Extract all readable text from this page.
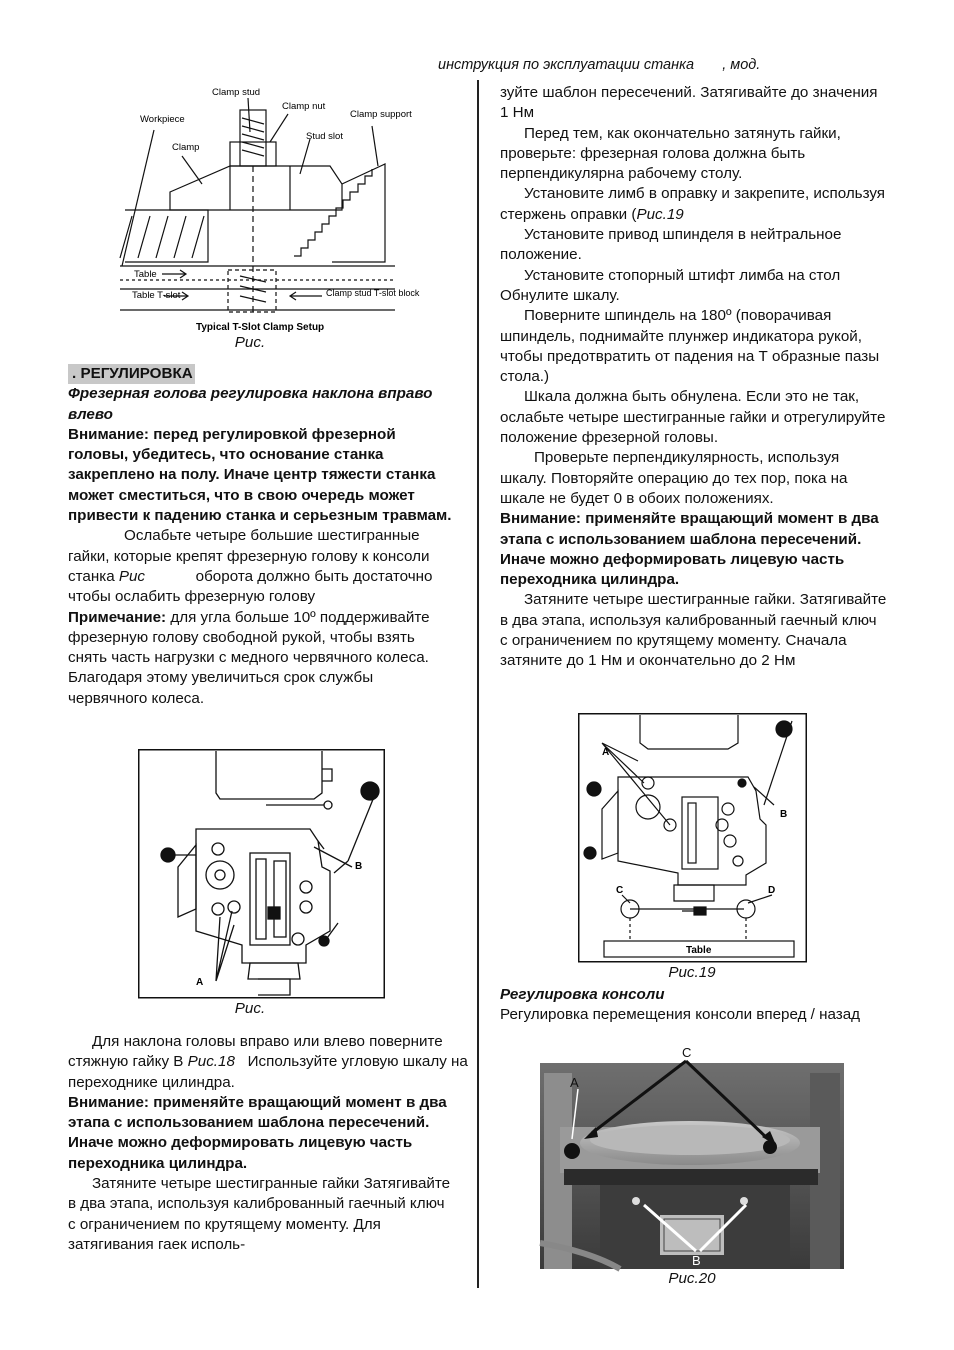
инструкция по эксплуатации станка       , мод.
Clamp stud
Clamp nut
Workpiece
Clamp
Stud slot
Clamp support
Table
Table T-slot	Clamp stud T-slot block
Typical T-Slot Clamp Setup
Рис.

. РЕГУЛИРОВКА

Фрезерная голова регулировка наклона вправо влево

Внимание: перед регулировкой фрезерной головы, убедитесь, что основание станка закреплено на полу. Иначе центр тяжести станка может сместиться, что в свою очередь может привести к падению станка и серьезным травмам.

Ослабьте четыре большие шестигранные гайки, которые крепят фрезерную голову к консоли станка Рис            оборота должно быть достаточно  чтобы ослабить фрезерную голову

Примечание: для угла больше 10º поддерживайте фрезерную голову свободной рукой, чтобы взять снять часть нагрузки с медного червячного колеса. Благодаря этому увеличиться срок службы червячного колеса.

A
B
Рис.

Для наклона головы вправо или влево поверните стяжную гайку В Рис.18   Используйте угловую шкалу на переходнике цилиндра.

Внимание: применяйте вращающий момент в два этапа с использованием шаблона пересечений. Иначе можно деформировать лицевую часть переходника цилиндра.

Затяните четыре шестигранные гайки Затягивайте в два этапа, используя калиброванный гаечный ключ с ограничением по крутящему моменту. Для затягивания гаек исполь-

зуйте шаблон пересечений. Затягивайте до значения 1 Нм

Перед тем, как окончательно затянуть гайки, проверьте: фрезерная голова должна быть перпендикулярна рабочему столу.

Установите лимб в оправку и закрепите, используя стержень оправки (Рис.19

Установите привод шпинделя в нейтральное положение.

Установите стопорный штифт лимба на стол Обнулите шкалу.

Поверните шпиндель на 180º (поворачивая шпиндель, поднимайте плунжер индикатора рукой, чтобы предотвратить от падения на Т образные пазы стола.)

Шкала должна быть обнулена. Если это не так, ослабьте четыре шестигранные гайки и отрегулируйте положение фрезерной головы.

Проверьте перпендикулярность, используя шкалу. Повторяйте операцию до тех пор, пока на шкале не будет 0 в обоих положениях.

Внимание: применяйте вращающий момент в два этапа с использованием шаблона пересечений. Иначе можно деформировать лицевую часть переходника цилиндра.

Затяните четыре шестигранные гайки. Затягивайте в два этапа, используя калиброванный гаечный ключ с ограничением по крутящему моменту. Сначала затяните до 1 Нм и окончательно до 2 Нм

A
B
C	D
Table
Рис.19

Регулировка консоли

Регулировка перемещения консоли вперед / назад

C
A
B
Рис.20
